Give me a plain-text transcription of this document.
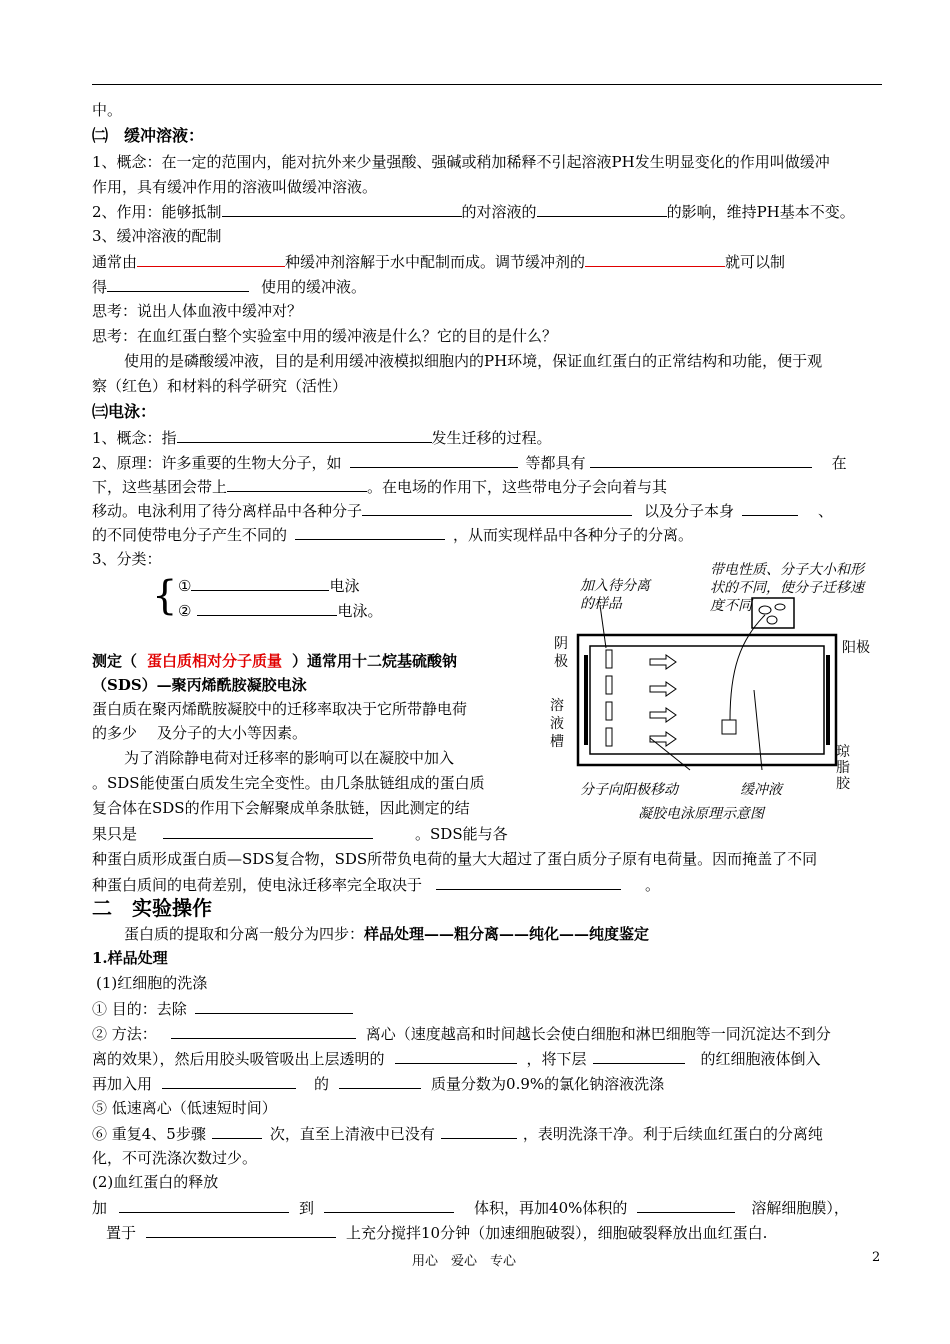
中。
㈡　缓冲溶液：
1、概念：在一定的范围内，能对抗外来少量强酸、强碱或稍加稀释不引起溶液PH发生明显变化的作用叫做缓冲
作用，具有缓冲作用的溶液叫做缓冲溶液。
2、作用：能够抵制	的对溶液的	的影响，维持PH基本不变。
3、缓冲溶液的配制
通常由	种缓冲剂溶解于水中配制而成。调节缓冲剂的	就可以制
得	使用的缓冲液。
思考：说出人体血液中缓冲对？
思考：在血红蛋白整个实验室中用的缓冲液是什么？它的目的是什么？
使用的是磷酸缓冲液，目的是利用缓冲液模拟细胞内的PH环境，保证血红蛋白的正常结构和功能，便于观
察（红色）和材料的科学研究（活性）
㈢电泳：
1、概念：指	发生迁移的过程。
2、原理：许多重要的生物大分子，如	等都具有	在
下，这些基团会带上	。在电场的作用下，这些带电分子会向着与其
移动。电泳利用了待分离样品中各种分子	以及分子本身	、
的不同使带电分子产生不同的	，从而实现样品中各种分子的分离。
3、分类：
{ ①	电泳
②	电泳。
测定（ 蛋白质相对分子质量 ）通常用十二烷基硫酸钠
（SDS）—聚丙烯酰胺凝胶电泳
蛋白质在聚丙烯酰胺凝胶中的迁移率取决于它所带静电荷
的多少 及分子的大小等因素。
为了消除静电荷对迁移率的影响可以在凝胶中加入
。SDS能使蛋白质发生完全变性。由几条肽链组成的蛋白质
复合体在SDS的作用下会解聚成单条肽链，因此测定的结
果只是	。SDS能与各
种蛋白质形成蛋白质—SDS复合物，SDS所带负电荷的量大大超过了蛋白质分子原有电荷量。因而掩盖了不同
种蛋白质间的电荷差别，使电泳迁移率完全取决于	。
加入待分离
的样品
带电性质、分子大小和形
状的不同，使分子迁移速
度不同
阴
极
阳极
溶
液
槽
琼
脂
胶
分子向阳极移动	缓冲液
凝胶电泳原理示意图
二　实验操作
蛋白质的提取和分离一般分为四步：样品处理——粗分离——纯化——纯度鉴定
1.样品处理
(1)红细胞的洗涤
① 目的：去除
② 方法：	离心（速度越高和时间越长会使白细胞和淋巴细胞等一同沉淀达不到分
离的效果），然后用胶头吸管吸出上层透明的	，将下层	的红细胞液体倒入
再加入用	的	质量分数为0.9%的氯化钠溶液洗涤
⑤ 低速离心（低速短时间）
⑥ 重复4、5步骤	次，直至上清液中已没有	，表明洗涤干净。利于后续血红蛋白的分离纯
化，不可洗涤次数过少。
(2)血红蛋白的释放
加	到	体积，再加40%体积的	溶解细胞膜），
置于	上充分搅拌10分钟（加速细胞破裂），细胞破裂释放出血红蛋白.
用心　爱心　专心	2
